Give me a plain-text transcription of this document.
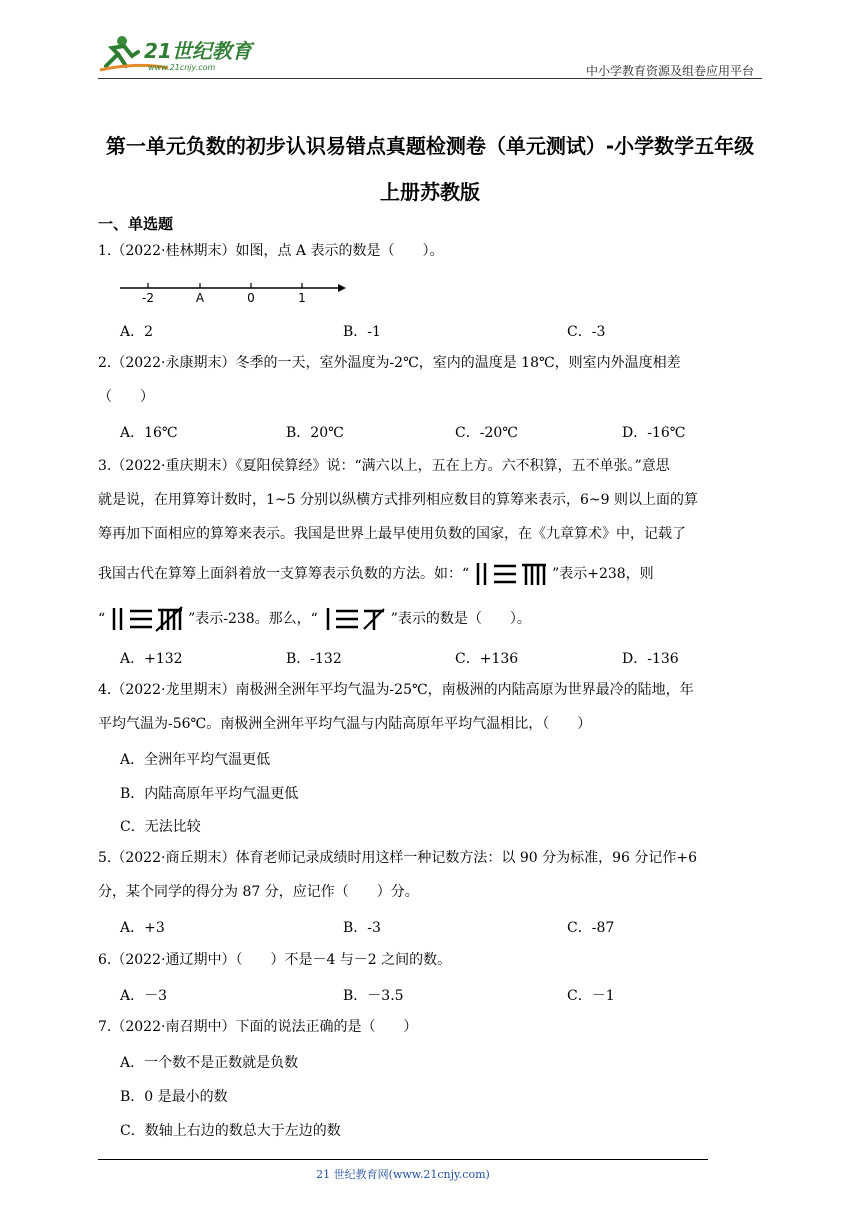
21世纪教育
www.21cnjy.com	中小学教育资源及组卷应用平台
第一单元负数的初步认识易错点真题检测卷（单元测试）-小学数学五年级
上册苏教版
一、单选题
1.（2022·桂林期末）如图，点 A 表示的数是（　　）。
-2	A	0	1
A．2	B．-1	C．-3
2.（2022·永康期末）冬季的一天，室外温度为-2℃，室内的温度是 18℃，则室内外温度相差
（　　）
A．16℃	B．20℃	C．-20℃	D．-16℃
3.（2022·重庆期末）《夏阳侯算经》说：“满六以上，五在上方。六不积算，五不单张。”意思
就是说，在用算筹计数时，1~5 分别以纵横方式排列相应数目的算筹来表示，6~9 则以上面的算
筹再加下面相应的算筹来表示。我国是世界上最早使用负数的国家，在《九章算术》中，记载了
我国古代在算筹上面斜着放一支算筹表示负数的方法。如：“	”表示+238，则
“	”表示-238。那么，“	”表示的数是（　　）。
A．+132	B．-132	C．+136	D．-136
4.（2022·龙里期末）南极洲全洲年平均气温为-25℃，南极洲的内陆高原为世界最冷的陆地，年
平均气温为-56℃。南极洲全洲年平均气温与内陆高原年平均气温相比，（　　）
A．全洲年平均气温更低
B．内陆高原年平均气温更低
C．无法比较
5.（2022·商丘期末）体育老师记录成绩时用这样一种记数方法：以 90 分为标准，96 分记作+6
分，某个同学的得分为 87 分，应记作（　　）分。
A．+3	B．-3	C．-87
6.（2022·通辽期中）（　　）不是－4 与－2 之间的数。
A．－3	B．－3.5	C．－1
7.（2022·南召期中）下面的说法正确的是（　　）
A．一个数不是正数就是负数
B．0 是最小的数
C．数轴上右边的数总大于左边的数
21 世纪教育网(www.21cnjy.com)
